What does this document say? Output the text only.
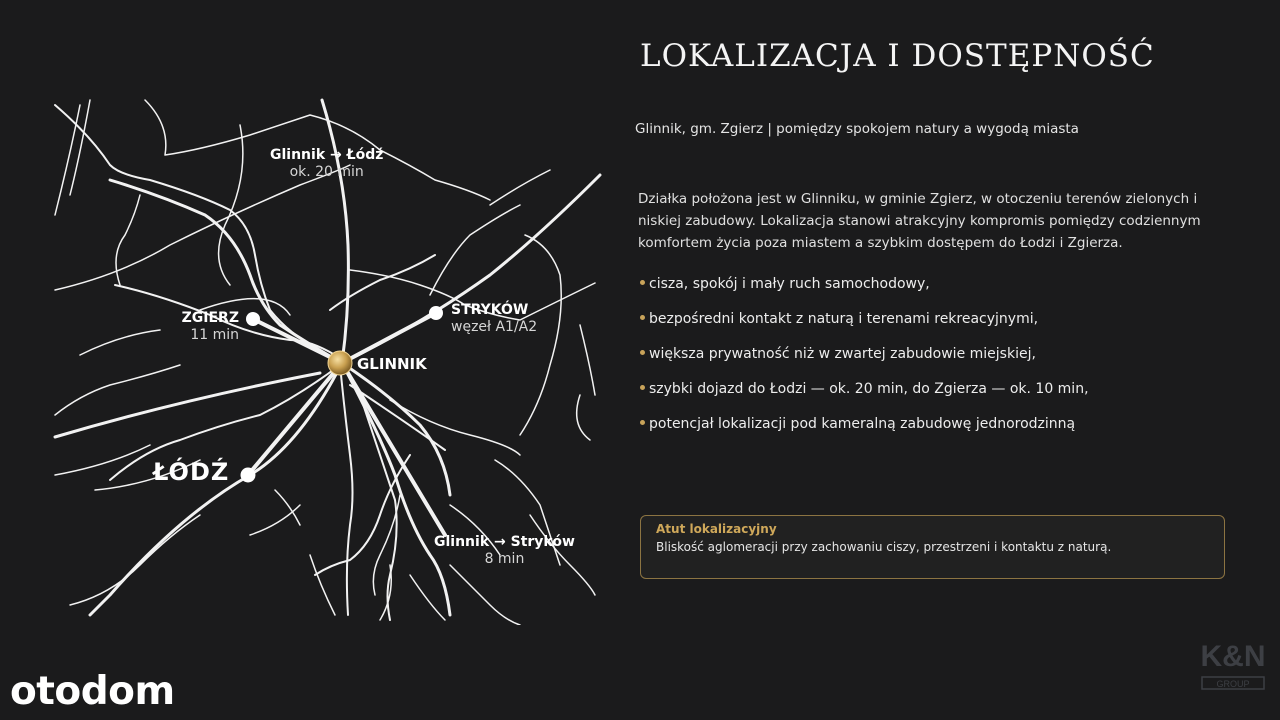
Glinnik → Łódź
ok. 20 min
ZGIERZ
11 min
STRYKÓW
węzeł A1/A2
GLINNIK
ŁÓDŹ
Glinnik → Stryków
8 min
LOKALIZACJA I DOSTĘPNOŚĆ
Glinnik, gm. Zgierz | pomiędzy spokojem natury a wygodą miasta

Działka położona jest w Glinniku, w gminie Zgierz, w otoczeniu terenów zielonych i niskiej zabudowy. Lokalizacja stanowi atrakcyjny kompromis pomiędzy codziennym komfortem życia poza miastem a szybkim dostępem do Łodzi i Zgierza.

cisza, spokój i mały ruch samochodowy,
bezpośredni kontakt z naturą i terenami rekreacyjnymi,
większa prywatność niż w zwartej zabudowie miejskiej,
szybki dojazd do Łodzi — ok. 20 min, do Zgierza — ok. 10 min,
potencjał lokalizacji pod kameralną zabudowę jednorodzinną
Atut lokalizacyjny
Bliskość aglomeracji przy zachowaniu ciszy, przestrzeni i kontaktu z naturą.
otodom
K&N
GROUP
